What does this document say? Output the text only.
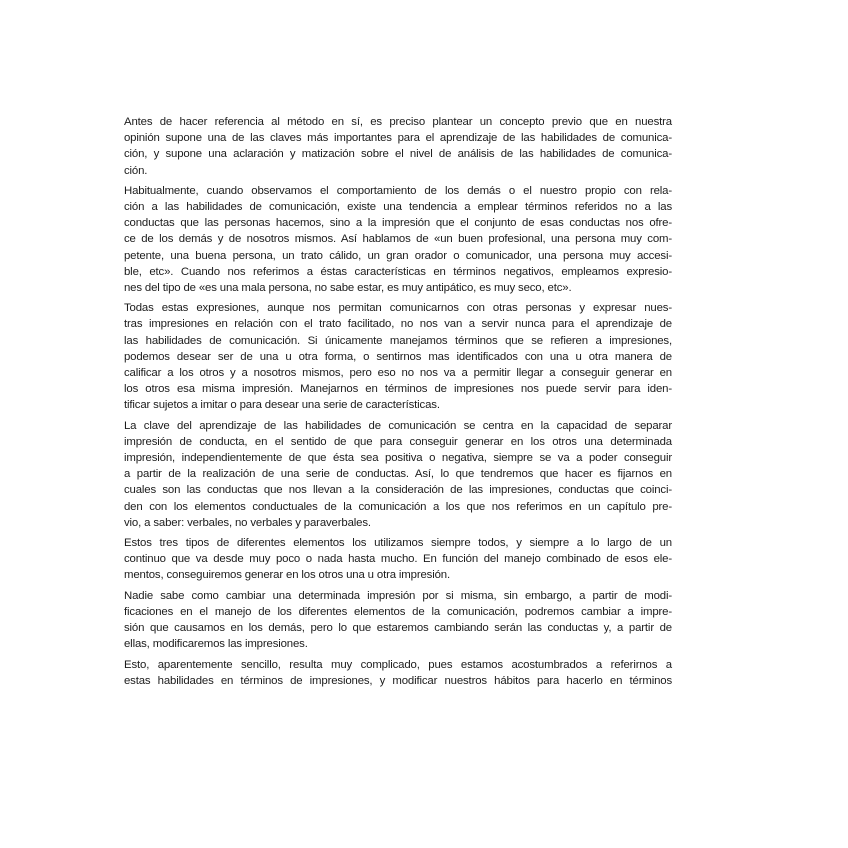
Antes de hacer referencia al método en sí, es preciso plantear un concepto previo que en nuestra
opinión supone una de las claves más importantes para el aprendizaje de las habilidades de comunica-
ción, y supone una aclaración y matización sobre el nivel de análisis de las habilidades de comunica-
ción.

Habitualmente, cuando observamos el comportamiento de los demás o el nuestro propio con rela-
ción a las habilidades de comunicación, existe una tendencia a emplear términos referidos no a las
conductas que las personas hacemos, sino a la impresión que el conjunto de esas conductas nos ofre-
ce de los demás y de nosotros mismos. Así hablamos de «un buen profesional, una persona muy com-
petente, una buena persona, un trato cálido, un gran orador o comunicador, una persona muy accesi-
ble, etc». Cuando nos referimos a éstas características en términos negativos, empleamos expresio-
nes del tipo de «es una mala persona, no sabe estar, es muy antipático, es muy seco, etc».

Todas estas expresiones, aunque nos permitan comunicarnos con otras personas y expresar nues-
tras impresiones en relación con el trato facilitado, no nos van a servir nunca para el aprendizaje de
las habilidades de comunicación. Si únicamente manejamos términos que se refieren a impresiones,
podemos desear ser de una u otra forma, o sentirnos mas identificados con una u otra manera de
calificar a los otros y a nosotros mismos, pero eso no nos va a permitir llegar a conseguir generar en
los otros esa misma impresión. Manejarnos en términos de impresiones nos puede servir para iden-
tificar sujetos a imitar o para desear una serie de características.

La clave del aprendizaje de las habilidades de comunicación se centra en la capacidad de separar
impresión de conducta, en el sentido de que para conseguir generar en los otros una determinada
impresión, independientemente de que ésta sea positiva o negativa, siempre se va a poder conseguir
a partir de la realización de una serie de conductas. Así, lo que tendremos que hacer es fijarnos en
cuales son las conductas que nos llevan a la consideración de las impresiones, conductas que coinci-
den con los elementos conductuales de la comunicación a los que nos referimos en un capítulo pre-
vio, a saber: verbales, no verbales y paraverbales.

Estos tres tipos de diferentes elementos los utilizamos siempre todos, y siempre a lo largo de un
continuo que va desde muy poco o nada hasta mucho. En función del manejo combinado de esos ele-
mentos, conseguiremos generar en los otros una u otra impresión.

Nadie sabe como cambiar una determinada impresión por si misma, sin embargo, a partir de modi-
ficaciones en el manejo de los diferentes elementos de la comunicación, podremos cambiar a impre-
sión que causamos en los demás, pero lo que estaremos cambiando serán las conductas y, a partir de
ellas, modificaremos las impresiones.

Esto, aparentemente sencillo, resulta muy complicado, pues estamos acostumbrados a referirnos a
estas habilidades en términos de impresiones, y modificar nuestros hábitos para hacerlo en términos
